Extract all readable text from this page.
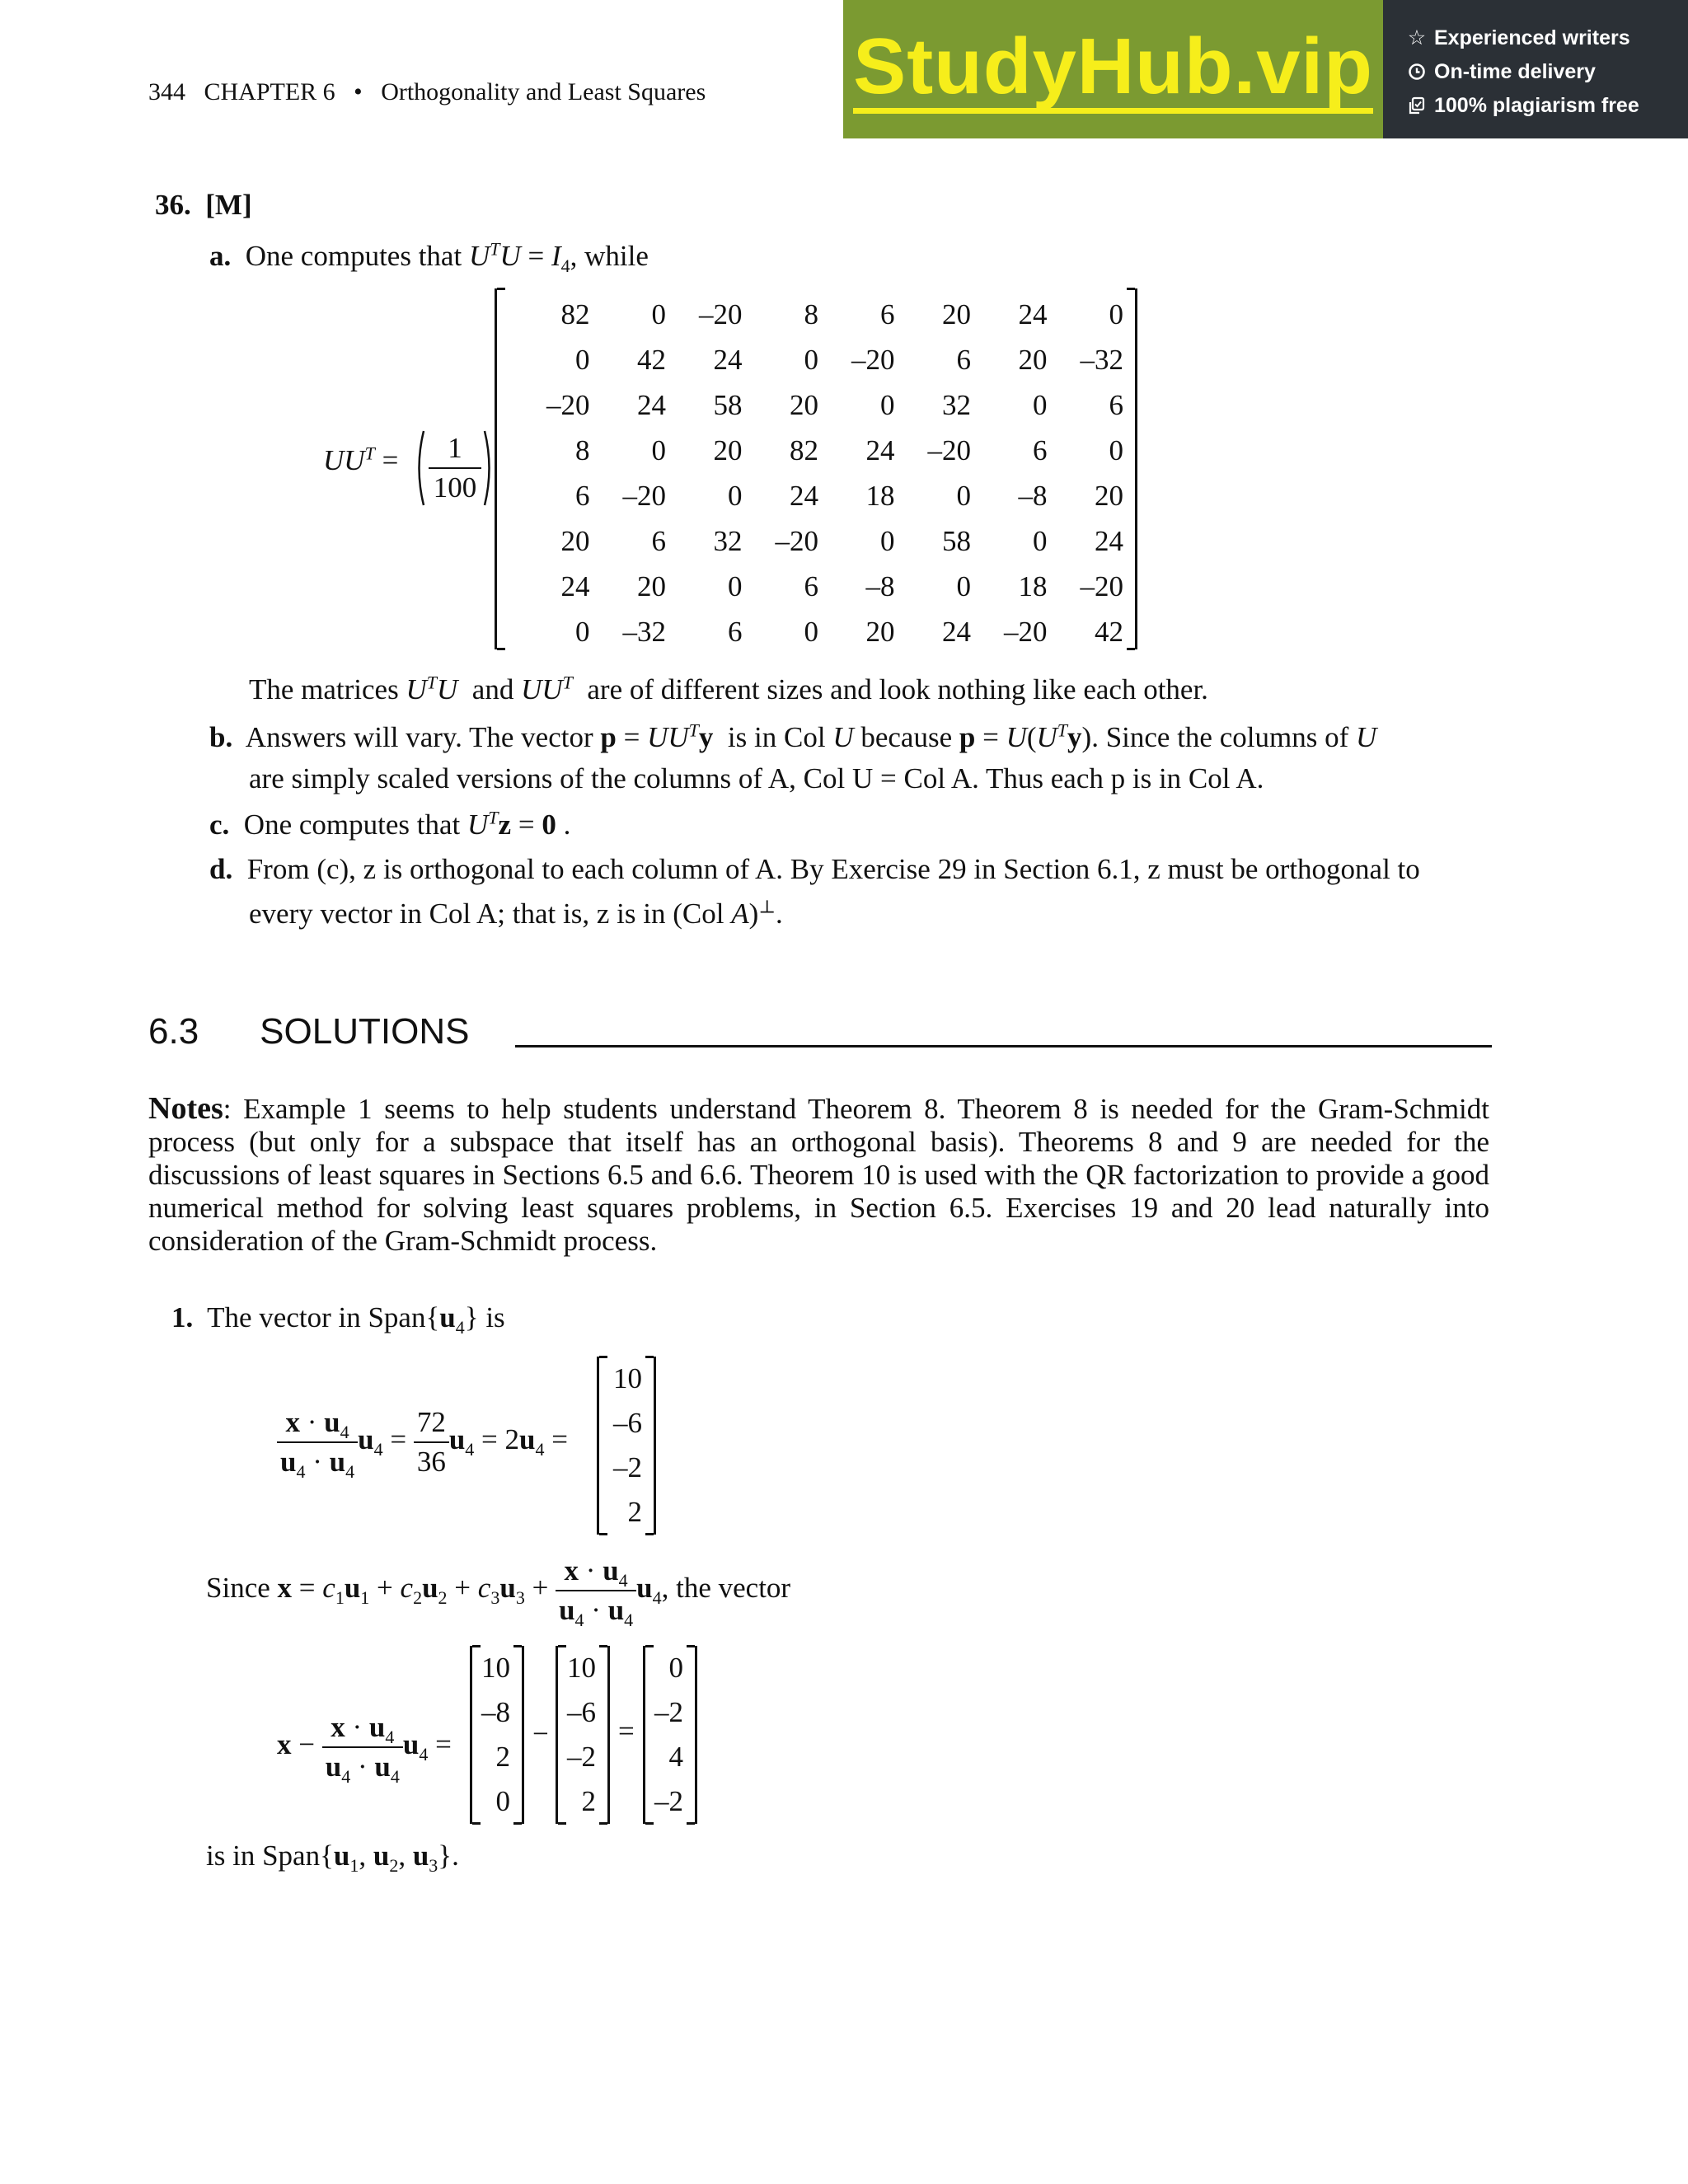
344   CHAPTER 6   •   Orthogonality and Least Squares StudyHub.vip ☆ Experienced writers
On-time delivery
100% plagiarism free
36. [M]
a. One computes that $U^TU = I_4$, while
$UU^T$ =	1
100
82	0	–20	8	6	20	24	0
0	42	24	0	–20	6	20	–32
–20	24	58	20	0	32	0	6
8	0	20	82	24	–20	6	0
6	–20	0	24	18	0	–8	20
20	6	32	–20	0	58	0	24
24	20	0	6	–8	0	18	–20
0	–32	6	0	20	24	–20	42
The matrices $U^TU$ and $UU^T$ are of different sizes and look nothing like each other.
b. Answers will vary. The vector $p = UU^Ty$ is in Col U because $p = U(U^Ty)$. Since the columns of U
are simply scaled versions of the columns of A, Col U = Col A. Thus each p is in Col A.
c. One computes that $U^Tz = 0$ .
d. From (c), z is orthogonal to each column of A. By Exercise 29 in Section 6.1, z must be orthogonal to
every vector in Col A; that is, z is in (Col A)⊥.
6.3 SOLUTIONS
Notes: Example 1 seems to help students understand Theorem 8. Theorem 8 is needed for the Gram-Schmidt process (but only for a subspace that itself has an orthogonal basis). Theorems 8 and 9 are needed for the discussions of least squares in Sections 6.5 and 6.6. Theorem 10 is used with the QR factorization to provide a good numerical method for solving least squares problems, in Section 6.5. Exercises 19 and 20 lead naturally into consideration of the Gram-Schmidt process.
1. The vector in $Span\{u_4\}$ is
$\frac{x \cdot u_4}{u_4 \cdot u_4} u_4 = \frac{72}{36} u_4 = 2u_4$ =
10
–6
–2
2
Since $x = c_1u_1 + c_2u_2 + c_3u_3 + \frac{x \cdot u_4}{u_4 \cdot u_4} u_4$, the vector
$x - \frac{x \cdot u_4}{u_4 \cdot u_4} u_4$ =
10
–8
2
0
−
10
–6
–2
2
=
0
–2
4
–2
is in $Span\{u_1$, $u_2$, $u_3$}.
